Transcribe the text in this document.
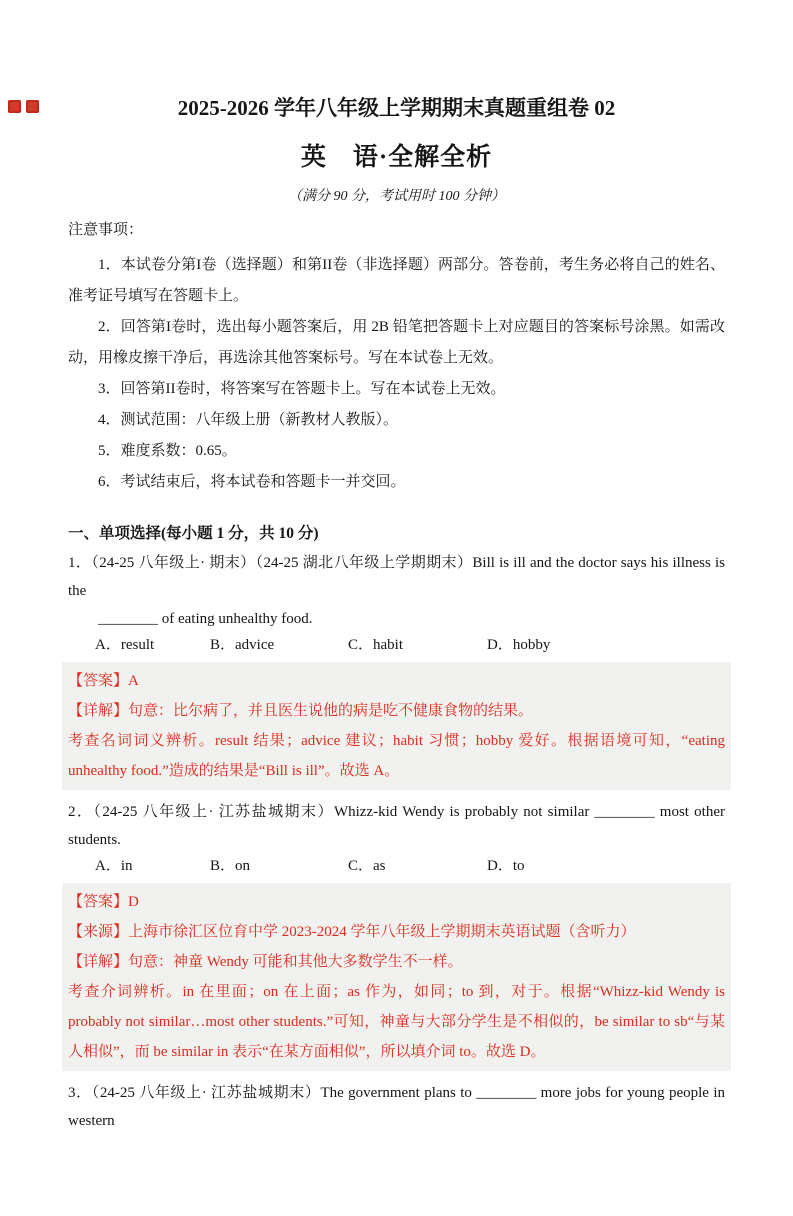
2025-2026 学年八年级上学期期末真题重组卷 02
英　语·全解全析

（满分 90 分，考试用时 100 分钟）

注意事项：

1．本试卷分第I卷（选择题）和第II卷（非选择题）两部分。答卷前，考生务必将自己的姓名、准考证号填写在答题卡上。

2．回答第I卷时，选出每小题答案后，用 2B 铅笔把答题卡上对应题目的答案标号涂黑。如需改动，用橡皮擦干净后，再选涂其他答案标号。写在本试卷上无效。

3．回答第II卷时，将答案写在答题卡上。写在本试卷上无效。

4．测试范围：八年级上册（新教材人教版）。

5．难度系数：0.65。

6．考试结束后，将本试卷和答题卡一并交回。

一、单项选择(每小题 1 分，共 10 分)

1．（24-25 八年级上· 期末）（24-25 湖北八年级上学期期末）Bill is ill and the doctor says his illness is the

________ of eating unhealthy food.

A．result	B．advice	C．habit	D．hobby

【答案】A

【详解】句意：比尔病了，并且医生说他的病是吃不健康食物的结果。

考查名词词义辨析。result 结果；advice 建议；habit 习惯；hobby 爱好。根据语境可知，“eating unhealthy food.”造成的结果是“Bill is ill”。故选 A。

2．（24-25 八年级上· 江苏盐城期末）Whizz-kid Wendy is probably not similar ________ most other students.

A．in	B．on	C．as	D．to

【答案】D

【来源】上海市徐汇区位育中学 2023-2024 学年八年级上学期期末英语试题（含听力）

【详解】句意：神童 Wendy 可能和其他大多数学生不一样。

考查介词辨析。in 在里面；on 在上面；as 作为，如同；to 到，对于。根据“Whizz-kid Wendy is probably not similar…most other students.”可知，神童与大部分学生是不相似的，be similar to sb“与某人相似”，而 be similar in 表示“在某方面相似”，所以填介词 to。故选 D。

3．（24-25 八年级上· 江苏盐城期末）The government plans to ________ more jobs for young people in western
